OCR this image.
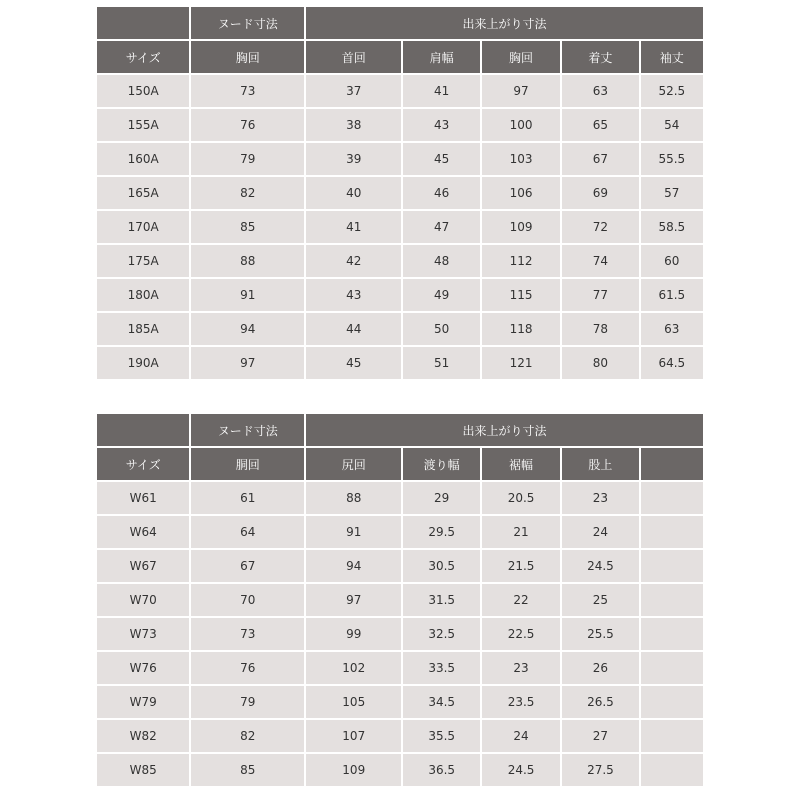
	ヌード寸法	出来上がり寸法				
サイズ	胸回	首回	肩幅	胸回	着丈	袖丈
150A	73	37	41	97	63	52.5
155A	76	38	43	100	65	54
160A	79	39	45	103	67	55.5
165A	82	40	46	106	69	57
170A	85	41	47	109	72	58.5
175A	88	42	48	112	74	60
180A	91	43	49	115	77	61.5
185A	94	44	50	118	78	63
190A	97	45	51	121	80	64.5
	ヌード寸法	出来上がり寸法				
サイズ	胴回	尻回	渡り幅	裾幅	股上	
W61	61	88	29	20.5	23	
W64	64	91	29.5	21	24	
W67	67	94	30.5	21.5	24.5	
W70	70	97	31.5	22	25	
W73	73	99	32.5	22.5	25.5	
W76	76	102	33.5	23	26	
W79	79	105	34.5	23.5	26.5	
W82	82	107	35.5	24	27	
W85	85	109	36.5	24.5	27.5	
